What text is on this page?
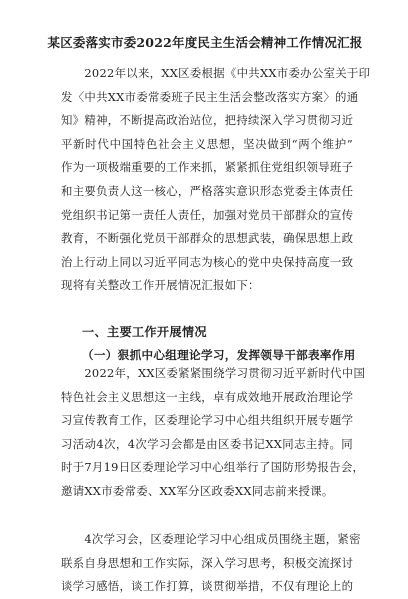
某区委落实市委2022年度民主生活会精神工作情况汇报
　　2022年以来，XX区委根据《中共XX市委办公室关于印
发〈中共XX市委常委班子民主生活会整改落实方案〉的通
知》精神，不断提高政治站位，把持续深入学习贯彻习近
平新时代中国特色社会主义思想，坚决做到“两个维护”
作为一项极端重要的工作来抓，紧紧抓住党组织领导班子
和主要负责人这一核心，严格落实意识形态党委主体责任
党组织书记第一责任人责任，加强对党员干部群众的宣传
教育，不断强化党员干部群众的思想武装，确保思想上政
治上行动上同以习近平同志为核心的党中央保持高度一致
现将有关整改工作开展情况汇报如下：
一、主要工作开展情况
（一）狠抓中心组理论学习，发挥领导干部表率作用
　　2022年，XX区委紧紧围绕学习贯彻习近平新时代中国
特色社会主义思想这一主线，卓有成效地开展政治理论学
习宣传教育工作，区委理论学习中心组共组织开展专题学
习活动4次，4次学习会都是由区委书记XX同志主持。同
时于7月19日区委理论学习中心组举行了国防形势报告会，
邀请XX市委常委、XX军分区政委XX同志前来授课。
　　4次学习会，区委理论学习中心组成员围绕主题，紧密
联系自身思想和工作实际，深入学习思考，积极交流探讨
谈学习感悟，谈工作打算，谈贯彻举措，不仅有理论上的
